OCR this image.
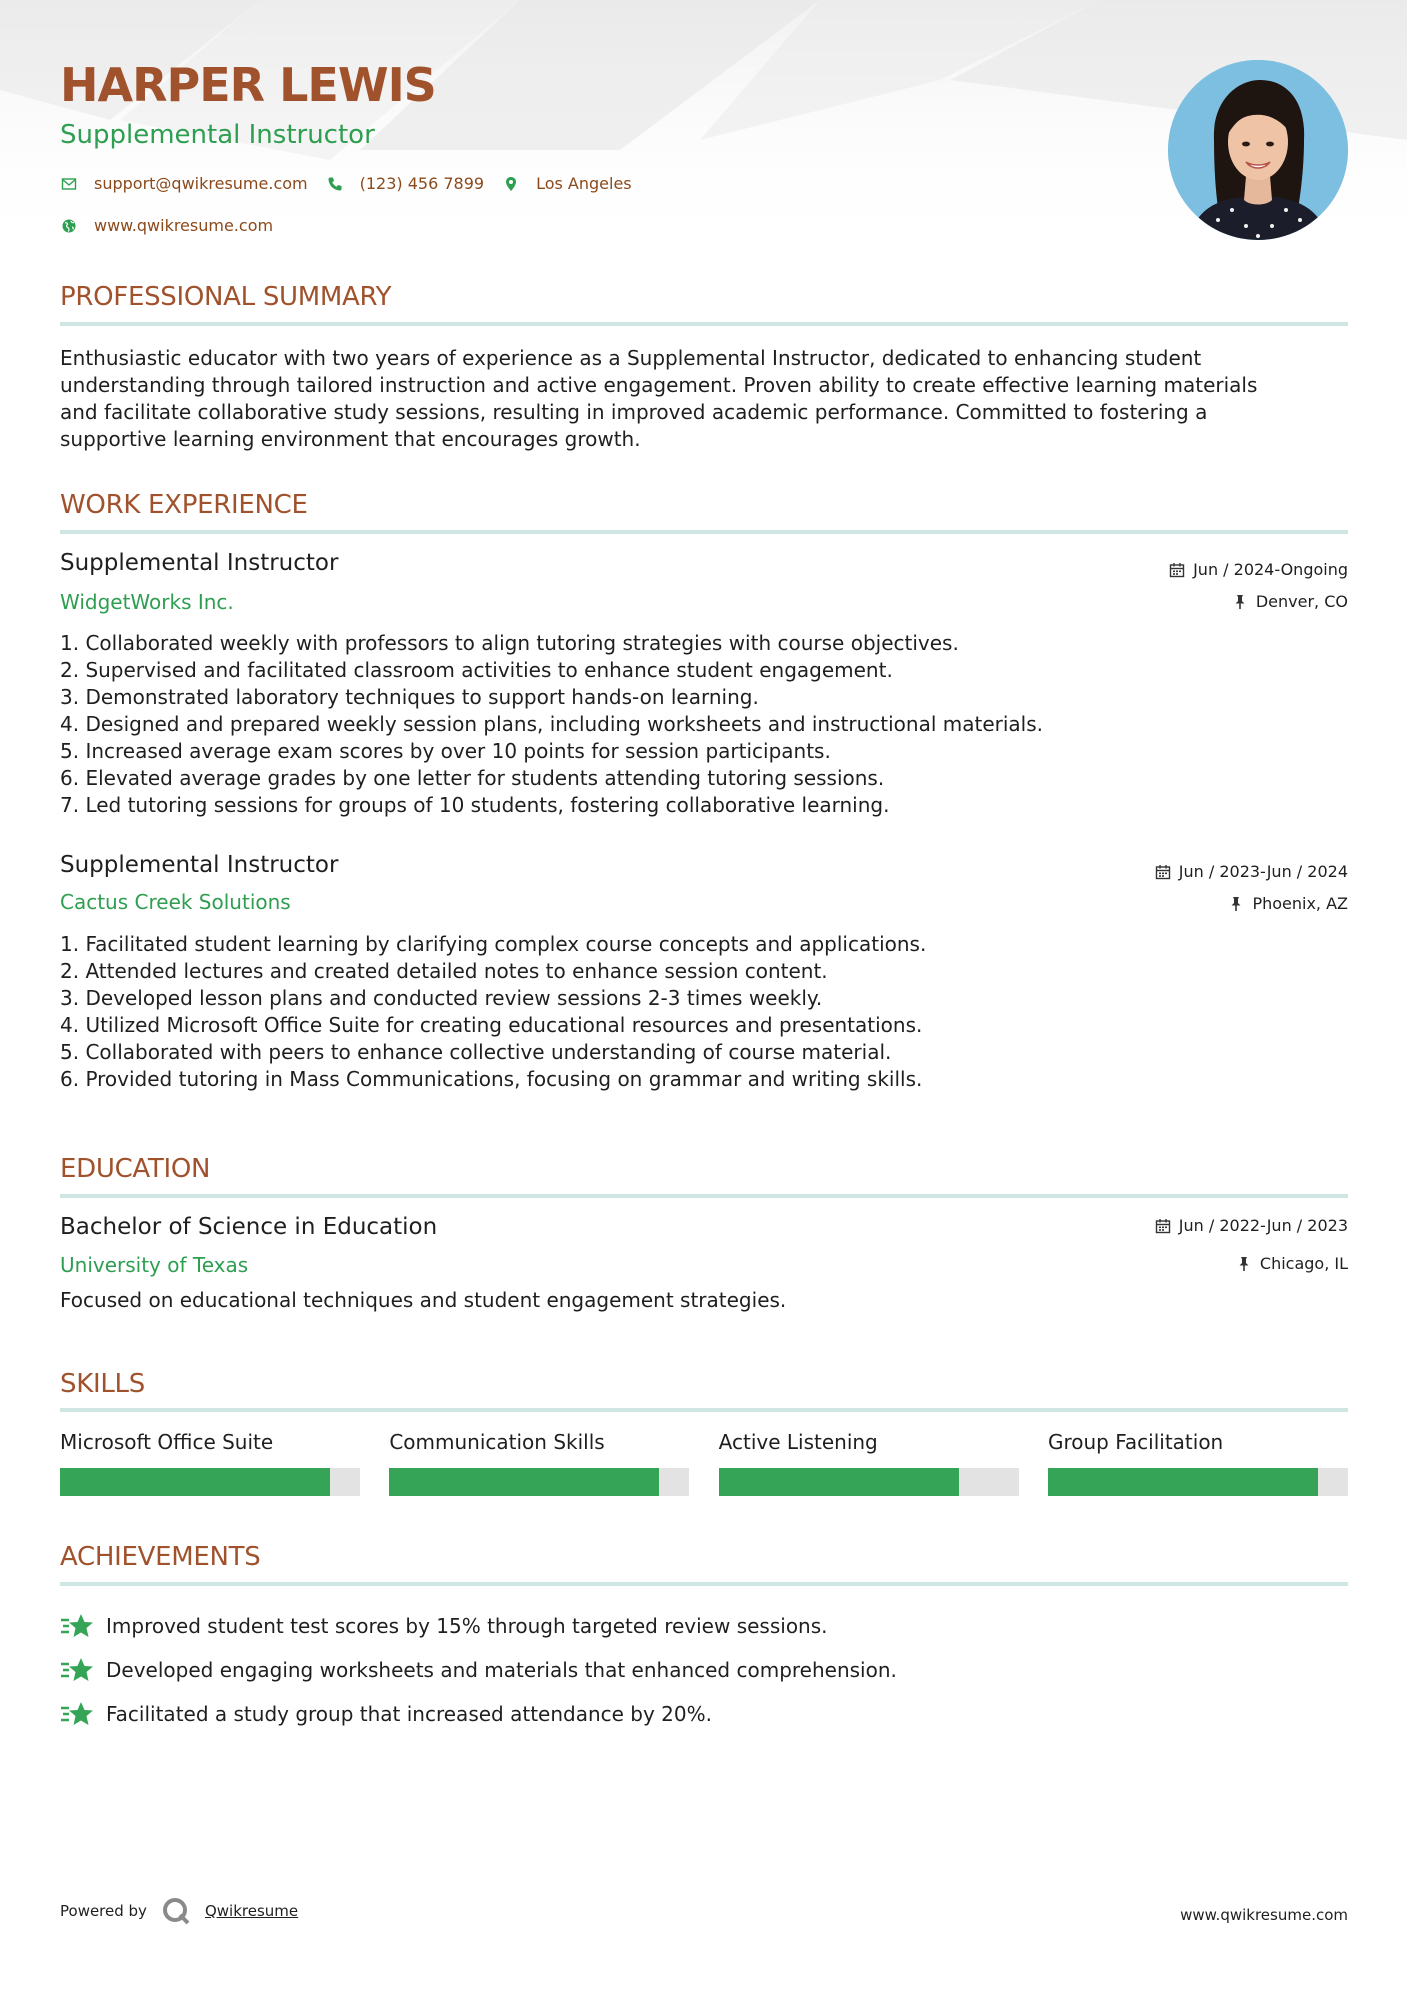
HARPER LEWIS
Supplemental Instructor
support@qwikresume.com	(123) 456 7899	Los Angeles
www.qwikresume.com
PROFESSIONAL SUMMARY
Enthusiastic educator with two years of experience as a Supplemental Instructor, dedicated to enhancing student
understanding through tailored instruction and active engagement. Proven ability to create effective learning materials
and facilitate collaborative study sessions, resulting in improved academic performance. Committed to fostering a
supportive learning environment that encourages growth.
WORK EXPERIENCE
Supplemental Instructor
WidgetWorks Inc.
Jun / 2024-Ongoing
Denver, CO
1. Collaborated weekly with professors to align tutoring strategies with course objectives.
2. Supervised and facilitated classroom activities to enhance student engagement.
3. Demonstrated laboratory techniques to support hands-on learning.
4. Designed and prepared weekly session plans, including worksheets and instructional materials.
5. Increased average exam scores by over 10 points for session participants.
6. Elevated average grades by one letter for students attending tutoring sessions.
7. Led tutoring sessions for groups of 10 students, fostering collaborative learning.
Supplemental Instructor
Cactus Creek Solutions
Jun / 2023-Jun / 2024
Phoenix, AZ
1. Facilitated student learning by clarifying complex course concepts and applications.
2. Attended lectures and created detailed notes to enhance session content.
3. Developed lesson plans and conducted review sessions 2-3 times weekly.
4. Utilized Microsoft Office Suite for creating educational resources and presentations.
5. Collaborated with peers to enhance collective understanding of course material.
6. Provided tutoring in Mass Communications, focusing on grammar and writing skills.
EDUCATION
Bachelor of Science in Education
University of Texas
Jun / 2022-Jun / 2023
Chicago, IL
Focused on educational techniques and student engagement strategies.
SKILLS
Microsoft Office Suite	Communication Skills	Active Listening	Group Facilitation
ACHIEVEMENTS
Improved student test scores by 15% through targeted review sessions.
Developed engaging worksheets and materials that enhanced comprehension.
Facilitated a study group that increased attendance by 20%.
Powered by	Qwikresume	www.qwikresume.com
